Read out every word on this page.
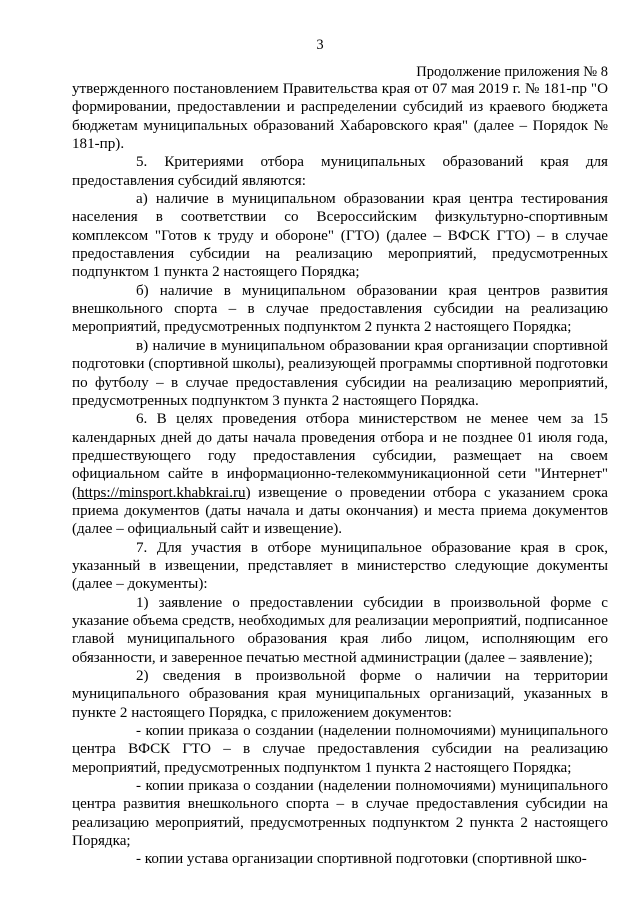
3
Продолжение приложения № 8

утвержденного постановлением Правительства края от 07 мая 2019 г. № 181-пр "О формировании, предоставлении и распределении субсидий из краевого бюджета бюджетам муниципальных образований Хабаровского края" (далее – Порядок № 181-пр).

5. Критериями отбора муниципальных образований края для предоставления субсидий являются:

а) наличие в муниципальном образовании края центра тестирования населения в соответствии со Всероссийским физкультурно-спортивным комплексом "Готов к труду и обороне" (ГТО) (далее – ВФСК ГТО) – в случае предоставления субсидии на реализацию мероприятий, предусмотренных подпунктом 1 пункта 2 настоящего Порядка;

б) наличие в муниципальном образовании края центров развития внешкольного спорта – в случае предоставления субсидии на реализацию мероприятий, предусмотренных подпунктом 2 пункта 2 настоящего Порядка;

в) наличие в муниципальном образовании края организации спортивной подготовки (спортивной школы), реализующей программы спортивной подготовки по футболу – в случае предоставления субсидии на реализацию мероприятий, предусмотренных подпунктом 3 пункта 2 настоящего Порядка.

6. В целях проведения отбора министерством не менее чем за 15 календарных дней до даты начала проведения отбора и не позднее 01 июля года, предшествующего году предоставления субсидии, размещает на своем официальном сайте в информационно-телекоммуникационной сети "Интернет" (https://minsport.khabkrai.ru) извещение о проведении отбора с указанием срока приема документов (даты начала и даты окончания) и места приема документов (далее – официальный сайт и извещение).

7. Для участия в отборе муниципальное образование края в срок, указанный в извещении, представляет в министерство следующие документы (далее – документы):

1) заявление о предоставлении субсидии в произвольной форме с указание объема средств, необходимых для реализации мероприятий, подписанное главой муниципального образования края либо лицом, исполняющим его обязанности, и заверенное печатью местной администрации (далее – заявление);

2) сведения в произвольной форме о наличии на территории муниципального образования края муниципальных организаций, указанных в пункте 2 настоящего Порядка, с приложением документов:

- копии приказа о создании (наделении полномочиями) муниципального центра ВФСК ГТО – в случае предоставления субсидии на реализацию мероприятий, предусмотренных подпунктом 1 пункта 2 настоящего Порядка;

- копии приказа о создании (наделении полномочиями) муниципального центра развития внешкольного спорта – в случае предоставления субсидии на реализацию мероприятий, предусмотренных подпунктом 2 пункта 2 настоящего Порядка;

- копии устава организации спортивной подготовки (спортивной шко-
